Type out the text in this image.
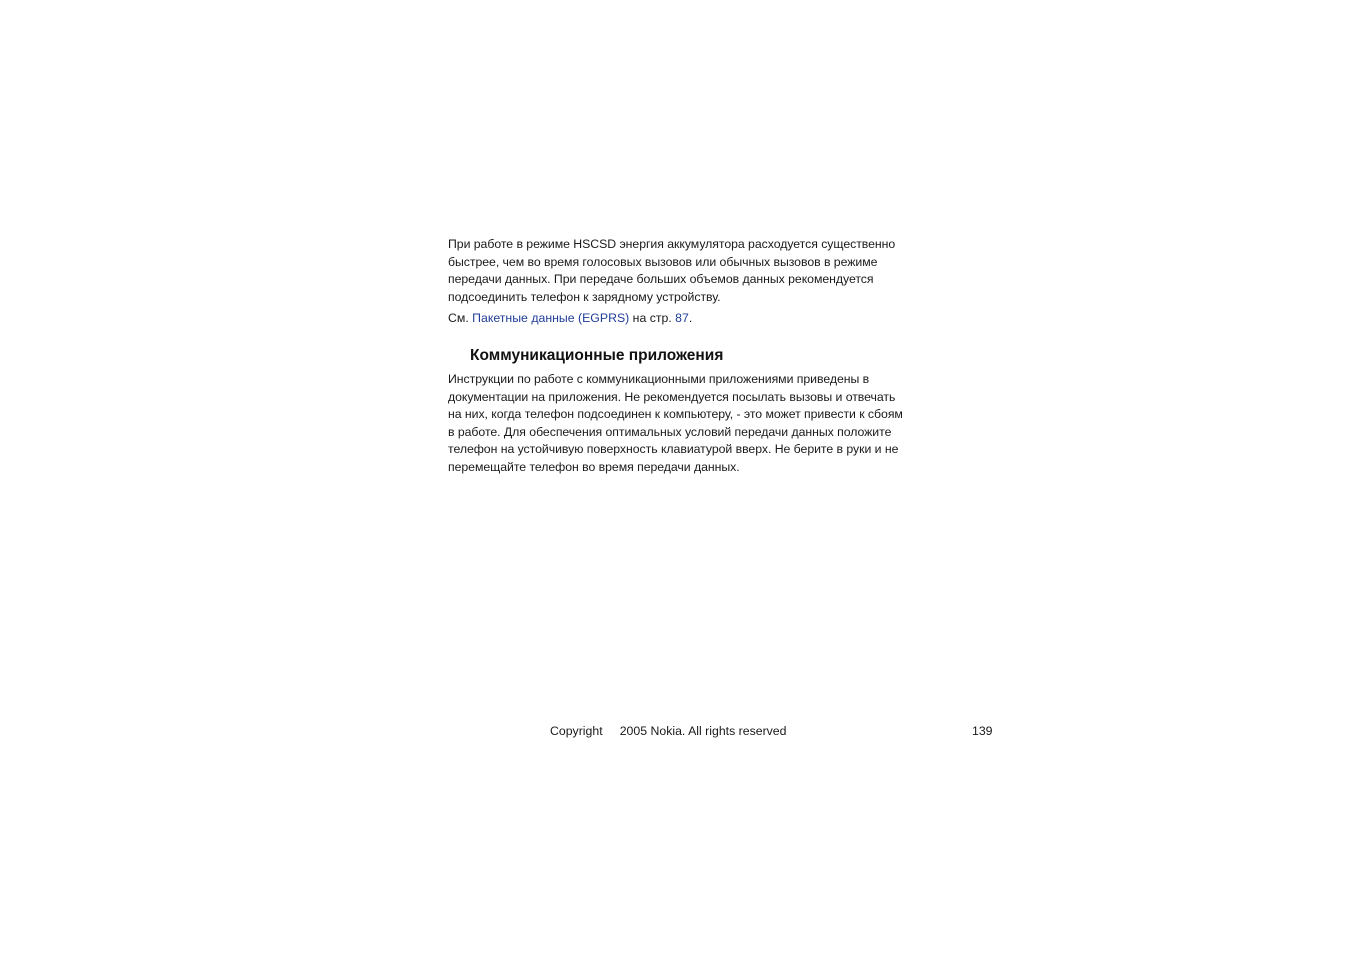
При работе в режиме HSCSD энергия аккумулятора расходуется существенно быстрее, чем во время голосовых вызовов или обычных вызовов в режиме передачи данных. При передаче больших объемов данных рекомендуется подсоединить телефон к зарядному устройству.

См. Пакетные данные (EGPRS) на стр. 87.

Коммуникационные приложения

Инструкции по работе с коммуникационными приложениями приведены в документации на приложения. Не рекомендуется посылать вызовы и отвечать на них, когда телефон подсоединен к компьютеру, - это может привести к сбоям в работе. Для обеспечения оптимальных условий передачи данных положите телефон на устойчивую поверхность клавиатурой вверх. Не берите в руки и не перемещайте телефон во время передачи данных.

Copyright     2005 Nokia. All rights reserved	139
